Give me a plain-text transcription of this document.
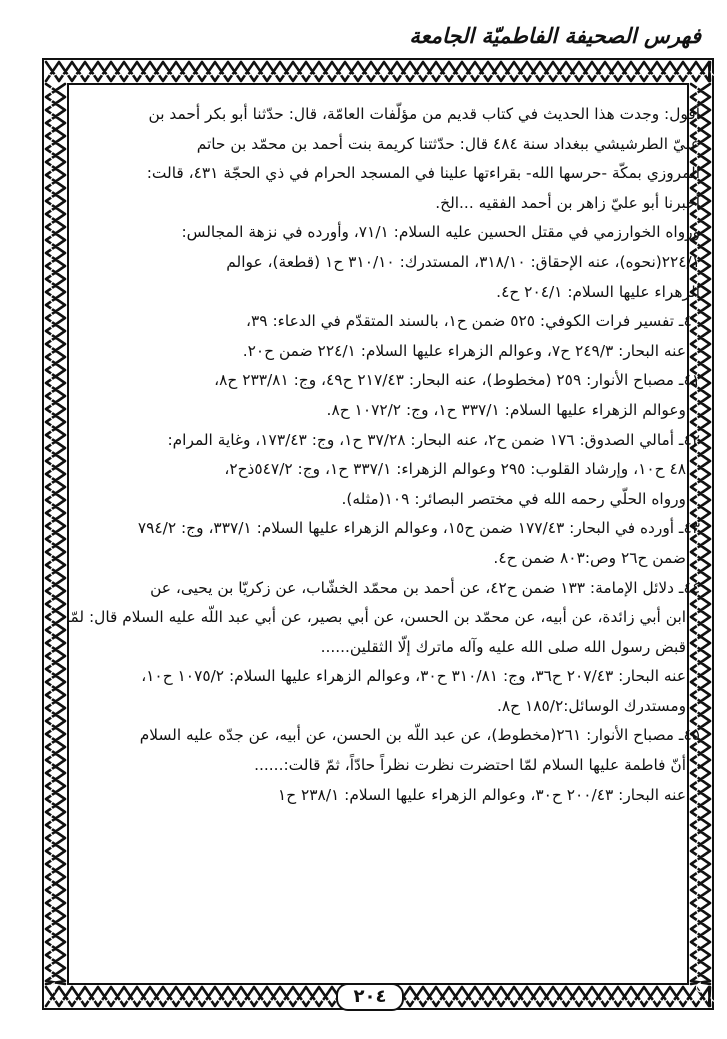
فهرس الصحيفة الفاطميّة الجامعة
أقول: وجدت هذا الحديث في كتاب قديم من مؤلّفات العامّة، قال: حدّثنا أبو بكر أحمد بن
عليّ الطرشيشي ببغداد سنة ٤٨٤ قال: حدّثتنا كريمة بنت أحمد بن محمّد بن حاتم
المروزي بمكّة -حرسها الله- بقراءتها علينا في المسجد الحرام في ذي الحجّة ٤٣١، قالت:
أخبرنا أبو عليّ زاهر بن أحمد الفقيه ...الخ.
ورواه الخوارزمي في مقتل الحسين عليه السلام: ٧١/١، وأورده في نزهة المجالس:
٢٢٤/١(نحوه)، عنه الإحقاق: ٣١٨/١٠، المستدرك: ٣١٠/١٠ ح١ (قطعة)، عوالم
الزهراء عليها السلام: ٢٠٤/١ ح٤.
٤٠ـ تفسير فرات الكوفي: ٥٢٥ ضمن ح١، بالسند المتقدّم في الدعاء: ٣٩،
عنه البحار: ٢٤٩/٣ ح٧، وعوالم الزهراء عليها السلام: ٢٢٤/١ ضمن ح٢٠.
٤١ـ مصباح الأنوار: ٢٥٩ (مخطوط)، عنه البحار: ٢١٧/٤٣ ح٤٩، وج: ٢٣٣/٨١ ح٨،
وعوالم الزهراء عليها السلام: ٣٣٧/١ ح١، وج: ١٠٧٢/٢ ح٨.
٤٢ـ أمالي الصدوق: ١٧٦ ضمن ح٢، عنه البحار: ٣٧/٢٨ ح١، وج: ١٧٣/٤٣، وغاية المرام:
٤٨ ح١٠، وإرشاد القلوب: ٢٩٥ وعوالم الزهراء: ٣٣٧/١ ح١، وج: ٥٤٧/٢ذح٢،
ورواه الحلّي رحمه الله في مختصر البصائر: ١٠٩(مثله).
٤٣ـ أورده في البحار: ١٧٧/٤٣ ضمن ح١٥، وعوالم الزهراء عليها السلام: ٣٣٧/١، وج: ٧٩٤/٢
ضمن ح٢٦ وص:٨٠٣ ضمن ح٤.
٤٤ـ دلائل الإمامة: ١٣٣ ضمن ح٤٢، عن أحمد بن محمّد الخشّاب، عن زكريّا بن يحيى، عن
ابن أبي زائدة، عن أبيه، عن محمّد بن الحسن، عن أبي بصير، عن أبي عبد اللّه عليه السلام قال: لمّا
قبض رسول الله صلى الله عليه وآله ماترك إلّا الثقلين......
عنه البحار: ٢٠٧/٤٣ ح٣٦، وج: ٣١٠/٨١ ح٣٠، وعوالم الزهراء عليها السلام: ١٠٧٥/٢ ح١٠،
ومستدرك الوسائل:١٨٥/٢ ح٨.
٤٥ـ مصباح الأنوار: ٢٦١(مخطوط)، عن عبد اللّه بن الحسن، عن أبيه، عن جدّه عليه السلام
أنّ فاطمة عليها السلام لمّا احتضرت نظرت نظراً حادّاً، ثمّ قالت:......
عنه البحار: ٢٠٠/٤٣ ح٣٠، وعوالم الزهراء عليها السلام: ٢٣٨/١ ح١
٢٠٤
